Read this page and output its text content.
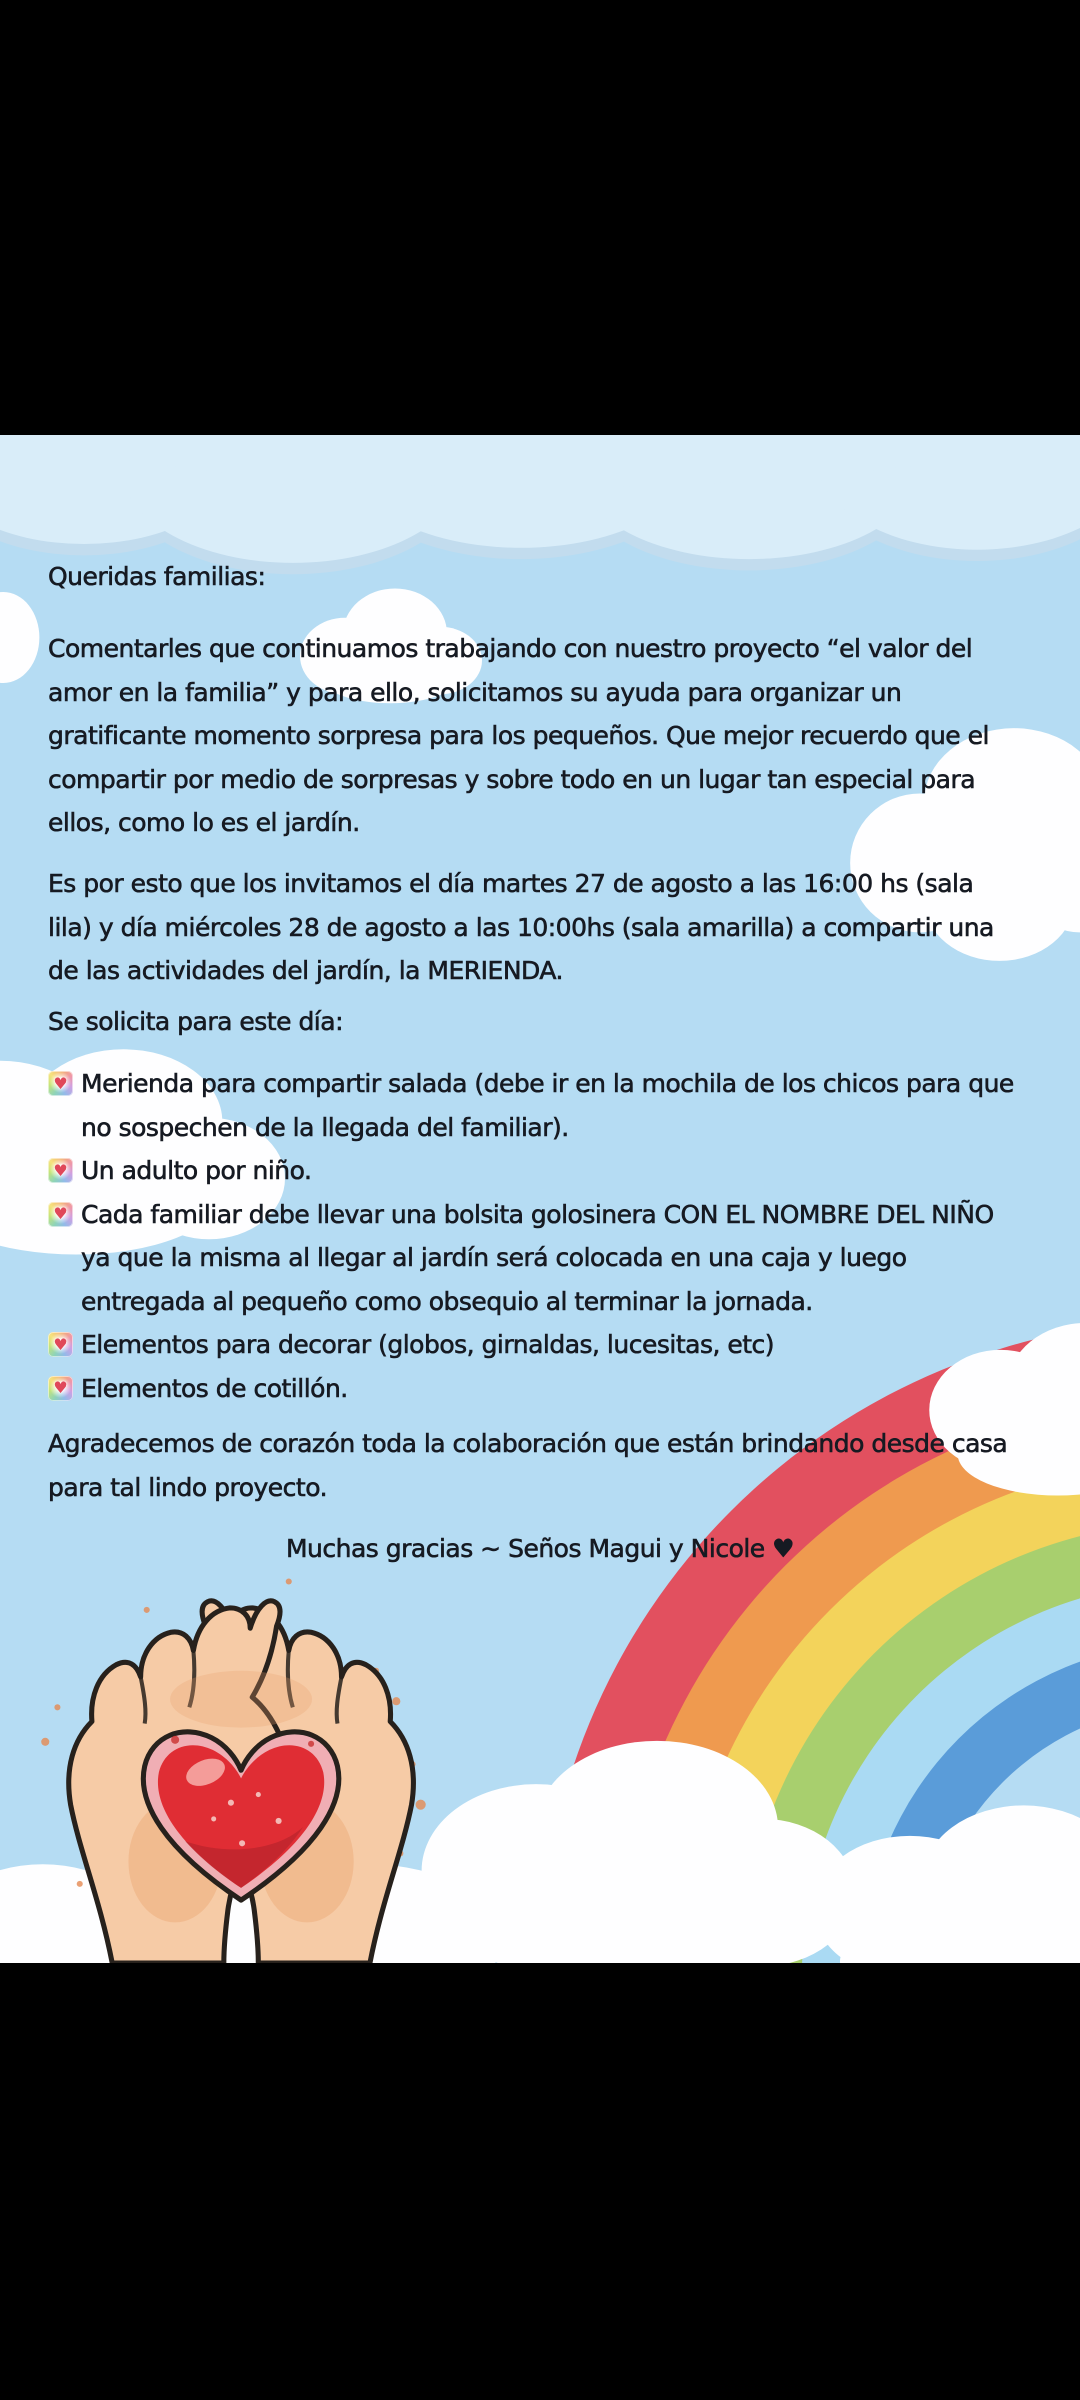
Queridas familias:
Comentarles que continuamos trabajando con nuestro proyecto “el valor del
amor en la familia” y para ello, solicitamos su ayuda para organizar un
gratificante momento sorpresa para los pequeños. Que mejor recuerdo que el
compartir por medio de sorpresas y sobre todo en un lugar tan especial para
ellos, como lo es el jardín.
Es por esto que los invitamos el día martes 27 de agosto a las 16:00 hs (sala
lila) y día miércoles 28 de agosto a las 10:00hs (sala amarilla) a compartir una
de las actividades del jardín, la MERIENDA.
Se solicita para este día:
♥ Merienda para compartir salada (debe ir en la mochila de los chicos para que
no sospechen de la llegada del familiar).
♥ Un adulto por niño.
♥ Cada familiar debe llevar una bolsita golosinera CON EL NOMBRE DEL NIÑO
ya que la misma al llegar al jardín será colocada en una caja y luego
entregada al pequeño como obsequio al terminar la jornada.
♥ Elementos para decorar (globos, girnaldas, lucesitas, etc)
♥ Elementos de cotillón.
Agradecemos de corazón toda la colaboración que están brindando desde casa
para tal lindo proyecto.
Muchas gracias ~ Seños Magui y Nicole ♥
